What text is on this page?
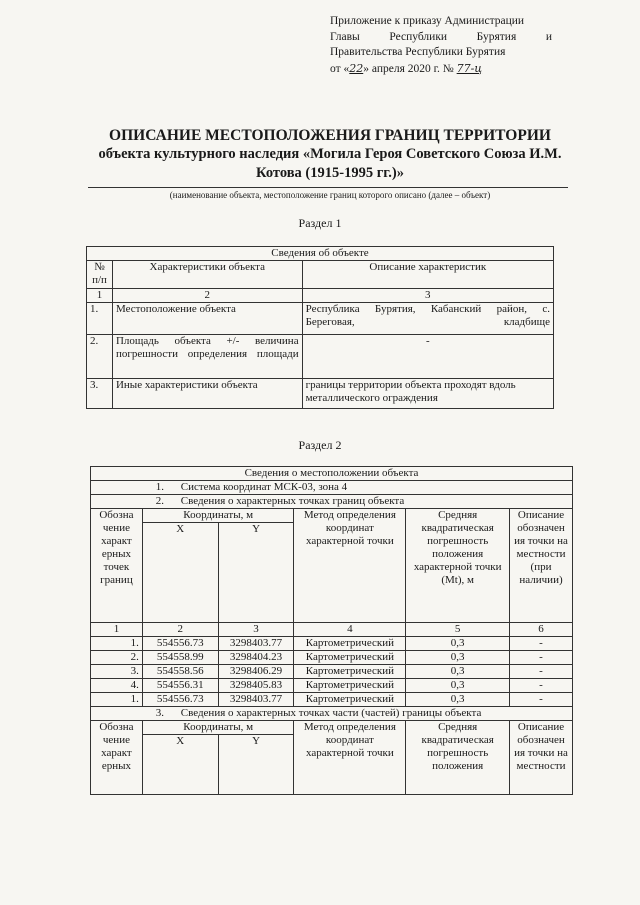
Приложение к приказу Администрации
Главы	Республики	Бурятия	и
Правительства Республики Бурятия
от «22» апреля 2020 г. № 77-ц
ОПИСАНИЕ МЕСТОПОЛОЖЕНИЯ ГРАНИЦ ТЕРРИТОРИИ
объекта культурного наследия «Могила Героя Советского Союза И.М.
Котова (1915-1995 гг.)»
(наименование объекта, местоположение границ которого описано (далее – объект)
Раздел 1
Сведения об объекте		
№ п/п	Характеристики объекта	Описание характеристик
1	2	3
1.	Местоположение объекта	Республика Бурятия, Кабанский район, с. Береговая, кладбище
2.	Площадь объекта +/- величина погрешности определения площади	-
3.	Иные характеристики объекта	границы территории объекта проходят вдоль металлического ограждения
Раздел 2
Сведения о местоположении объекта					
1. Система координат МСК-03, зона 4					
2. Сведения о характерных точках границ объекта					
Обозна чение характ ерных точек границ	Координаты, м		Метод определения координат характерной точки	Средняя квадратическая погрешность положения характерной точки (Mt), м	Описание обозначен ия точки на местности (при наличии)
	X	Y			
1	2	3	4	5	6
1.	554556.73	3298403.77	Картометрический	0,3	-
2.	554558.99	3298404.23	Картометрический	0,3	-
3.	554558.56	3298406.29	Картометрический	0,3	-
4.	554556.31	3298405.83	Картометрический	0,3	-
1.	554556.73	3298403.77	Картометрический	0,3	-
3. Сведения о характерных точках части (частей) границы объекта					
Обозна чение характ ерных	Координаты, м		Метод определения координат характерной точки	Средняя квадратическая погрешность положения	Описание обозначен ия точки на местности
	X	Y			
